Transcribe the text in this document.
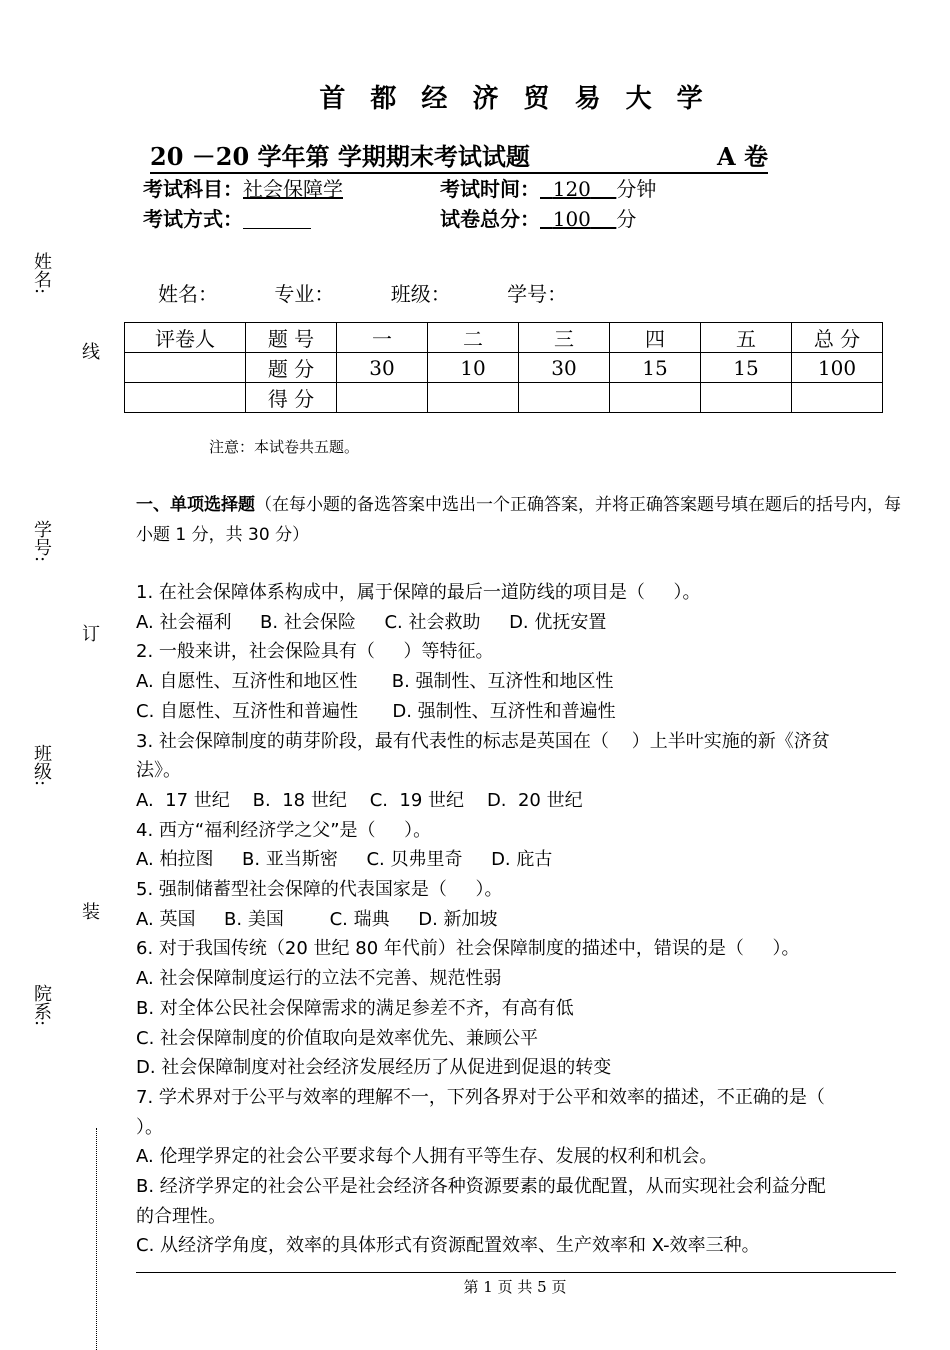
首 都 经 济 贸 易 大 学
20 －20 学年第 学期期末考试试题	A 卷
考试科目：社会保障学	考试时间： 120 分钟
考试方式：	试卷总分： 100 分
姓名：	专业：	班级：	学号：
评卷人	题 号	一	二	三	四	五	总 分
	题 分	30	10	30	15	15	100
	得 分						
注意：本试卷共五题。
一、单项选择题（在每小题的备选答案中选出一个正确答案，并将正确答案题号填在题后的括号内，每小题 1 分，共 30 分）

1. 在社会保障体系构成中，属于保障的最后一道防线的项目是（     ）。

A. 社会福利     B. 社会保险     C. 社会救助     D. 优抚安置

2. 一般来讲，社会保险具有（     ）等特征。

A. 自愿性、互济性和地区性      B. 强制性、互济性和地区性

C. 自愿性、互济性和普遍性      D. 强制性、互济性和普遍性

3. 社会保障制度的萌芽阶段，最有代表性的标志是英国在（    ）上半叶实施的新《济贫

法》。

A.  17 世纪    B.  18 世纪    C.  19 世纪    D.  20 世纪

4. 西方“福利经济学之父”是（     ）。

A. 柏拉图     B. 亚当斯密     C. 贝弗里奇     D. 庇古

5. 强制储蓄型社会保障的代表国家是（     ）。

A. 英国     B. 美国        C. 瑞典     D. 新加坡

6. 对于我国传统（20 世纪 80 年代前）社会保障制度的描述中，错误的是（     ）。

A. 社会保障制度运行的立法不完善、规范性弱

B. 对全体公民社会保障需求的满足参差不齐，有高有低

C. 社会保障制度的价值取向是效率优先、兼顾公平

D. 社会保障制度对社会经济发展经历了从促进到促退的转变

7. 学术界对于公平与效率的理解不一，下列各界对于公平和效率的描述，不正确的是（

）。

A. 伦理学界定的社会公平要求每个人拥有平等生存、发展的权利和机会。

B. 经济学界定的社会公平是社会经济各种资源要素的最优配置，从而实现社会利益分配

的合理性。

C. 从经济学角度，效率的具体形式有资源配置效率、生产效率和 X-效率三种。

姓名:
线
学号:
订
班级:
装
院系:
第 1 页 共 5 页
